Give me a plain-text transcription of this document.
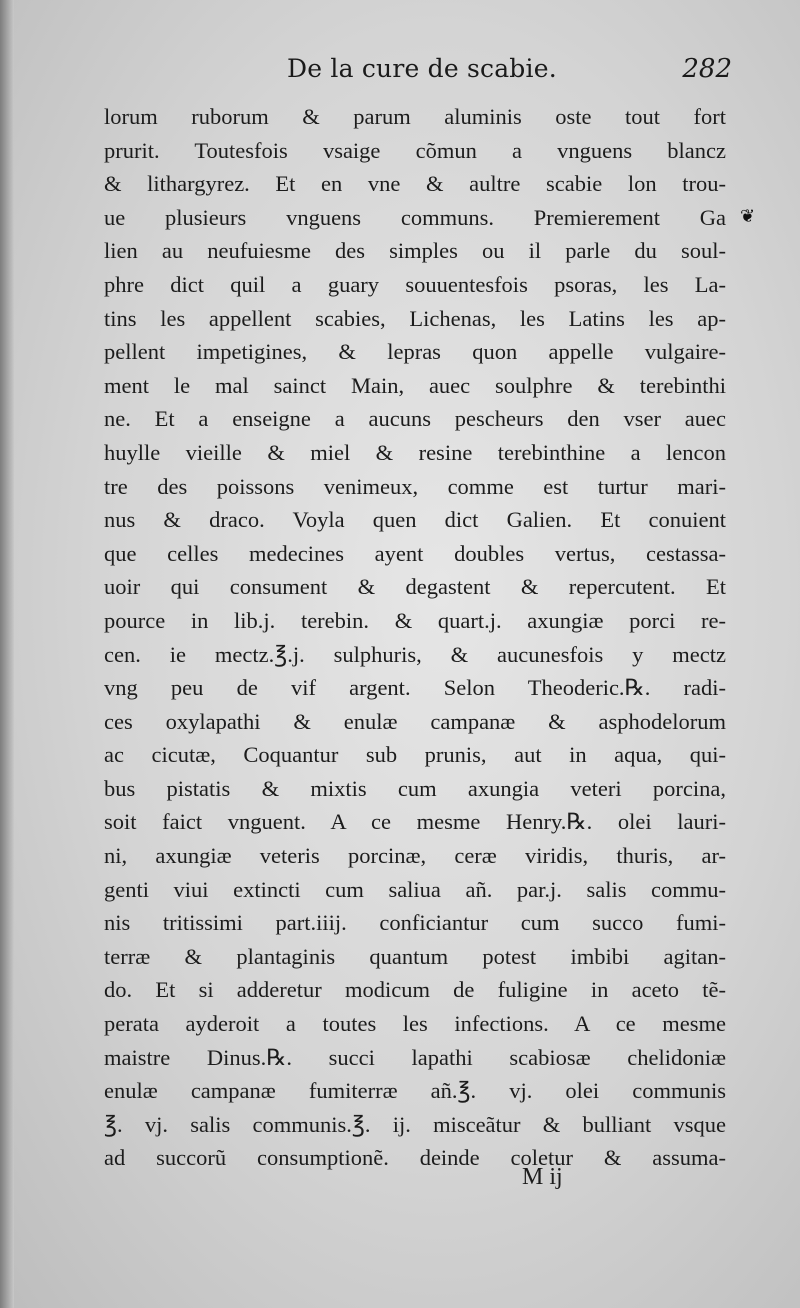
De la cure de scabie.	282
❦
lorum ruborum & parum aluminis oste tout fort
prurit. Toutesfois vsaige cõmun a vnguens blancz
& lithargyrez. Et en vne & aultre scabie lon trou-
ue plusieurs vnguens communs. Premierement Ga
lien au neufuiesme des simples ou il parle du soul-
phre dict quil a guary souuentesfois psoras, les La-
tins les appellent scabies, Lichenas, les Latins les ap-
pellent impetigines, & lepras quon appelle vulgaire-
ment le mal sainct Main, auec soulphre & terebinthi
ne. Et a enseigne a aucuns pescheurs den vser auec
huylle vieille & miel & resine terebinthine a lencon
tre des poissons venimeux, comme est turtur mari-
nus & draco. Voyla quen dict Galien. Et conuient
que celles medecines ayent doubles vertus, cestassa-
uoir qui consument & degastent & repercutent. Et
pource in lib.j. terebin. & quart.j. axungiæ porci re-
cen. ie mectz.℥.j. sulphuris, & aucunesfois y mectz
vng peu de vif argent. Selon Theoderic.℞. radi-
ces oxylapathi & enulæ campanæ & asphodelorum
ac cicutæ, Coquantur sub prunis, aut in aqua, qui-
bus pistatis & mixtis cum axungia veteri porcina,
soit faict vnguent. A ce mesme Henry.℞. olei lauri-
ni, axungiæ veteris porcinæ, ceræ viridis, thuris, ar-
genti viui extincti cum saliua añ. par.j. salis commu-
nis tritissimi part.iiij. conficiantur cum succo fumi-
terræ & plantaginis quantum potest imbibi agitan-
do. Et si adderetur modicum de fuligine in aceto tẽ-
perata ayderoit a toutes les infections. A ce mesme
maistre Dinus.℞. succi lapathi scabiosæ chelidoniæ
enulæ campanæ fumiterræ añ.℥. vj. olei communis
℥. vj. salis communis.℥. ij. misceãtur & bulliant vsque
ad succorũ consumptionẽ. deinde coletur & assuma-
M ij
